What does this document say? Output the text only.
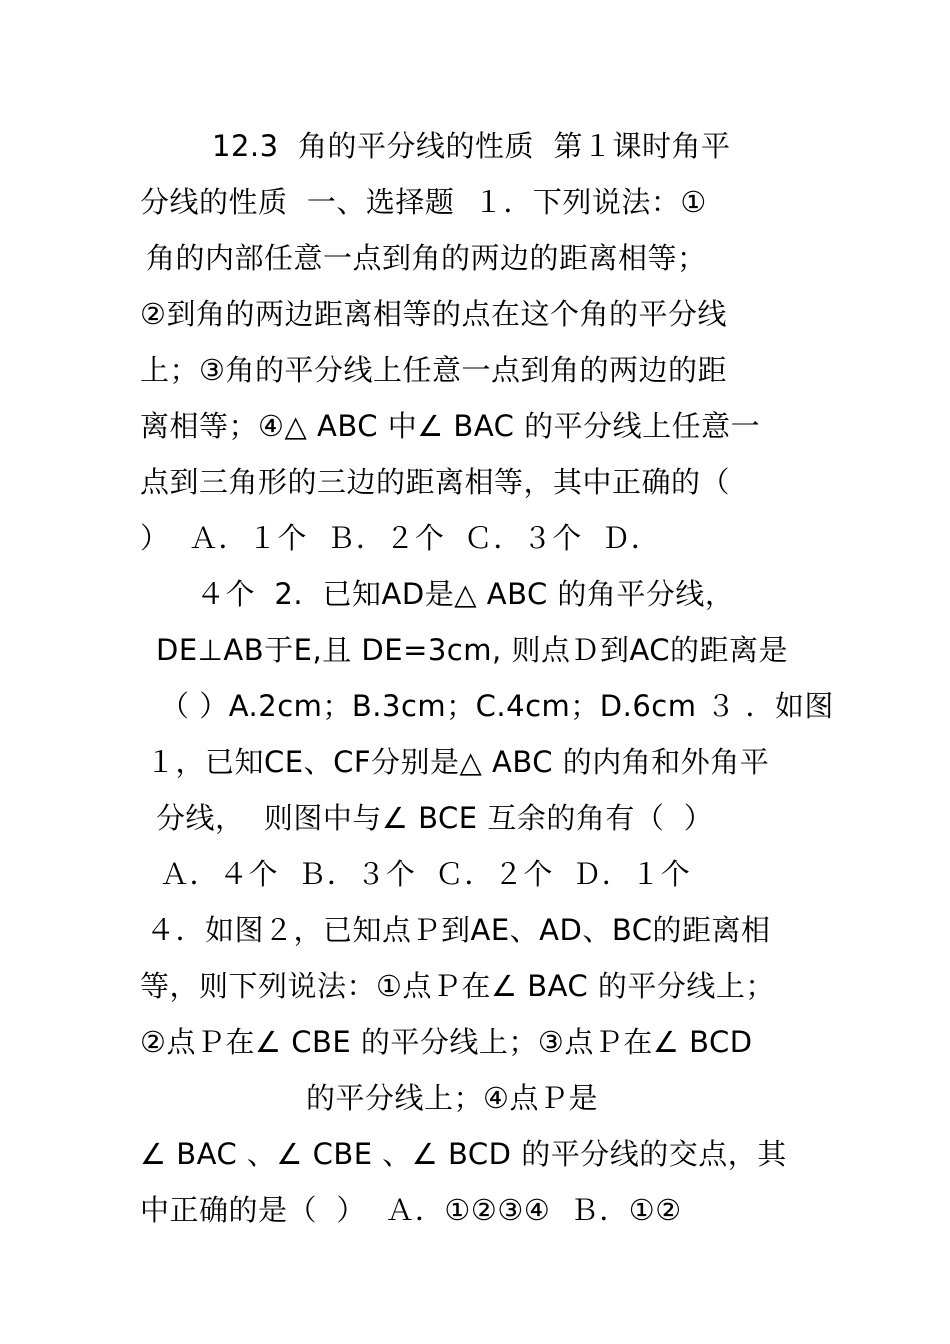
12.3  角的平分线的性质  第１课时角平
分线的性质  一、选择题  １．下列说法：①
角的内部任意一点到角的两边的距离相等；
②到角的两边距离相等的点在这个角的平分线
上；③角的平分线上任意一点到角的两边的距
离相等；④△ ABC 中∠ BAC 的平分线上任意一
点到三角形的三边的距离相等，其中正确的（
）  Ａ．１个  Ｂ．２个  Ｃ．３个  Ｄ．
４个  2.  已知AD是△ ABC 的角平分线，
DE⊥AB于E,且 DE=3cm, 则点Ｄ到AC的距离是
（ ）A.2cm；B.3cm；C.4cm；D.6cm ３ ．如图
１，已知CE、CF分别是△ ABC 的内角和外角平
分线，  则图中与∠ BCE 互余的角有（  ）
Ａ．４个  Ｂ．３个  Ｃ．２个  Ｄ．１个
４．如图２，已知点Ｐ到AE、AD、BC的距离相
等，则下列说法：①点Ｐ在∠ BAC 的平分线上；
②点Ｐ在∠ CBE 的平分线上；③点Ｐ在∠ BCD
的平分线上；④点Ｐ是
∠ BAC 、∠ CBE 、∠ BCD 的平分线的交点，其
中正确的是（  ）  Ａ．①②③④  Ｂ．①②
